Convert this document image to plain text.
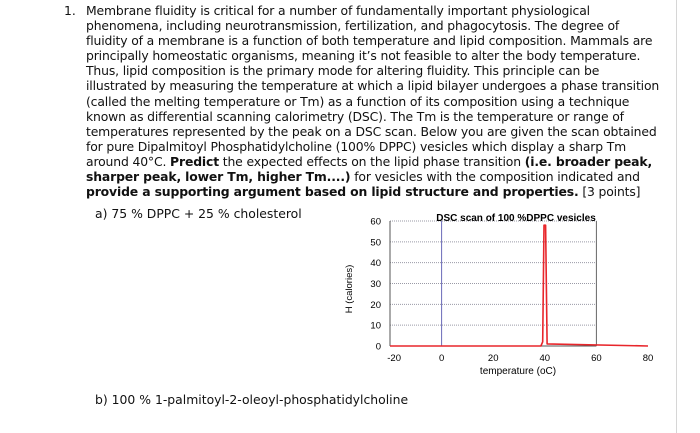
1. Membrane fluidity is critical for a number of fundamentally important physiological
phenomena, including neurotransmission, fertilization, and phagocytosis. The degree of
fluidity of a membrane is a function of both temperature and lipid composition. Mammals are
principally homeostatic organisms, meaning it’s not feasible to alter the body temperature.
Thus, lipid composition is the primary mode for altering fluidity. This principle can be
illustrated by measuring the temperature at which a lipid bilayer undergoes a phase transition
(called the melting temperature or Tm) as a function of its composition using a technique
known as differential scanning calorimetry (DSC). The Tm is the temperature or range of
temperatures represented by the peak on a DSC scan. Below you are given the scan obtained
for pure Dipalmitoyl Phosphatidylcholine (100% DPPC) vesicles which display a sharp Tm
around 40°C. Predict the expected effects on the lipid phase transition (i.e. broader peak,
sharper peak, lower Tm, higher Tm....) for vesicles with the composition indicated and
provide a supporting argument based on lipid structure and properties. [3 points]
a) 75 % DPPC + 25 % cholesterol
b) 100 % 1-palmitoyl-2-oleoyl-phosphatidylcholine
0
10
20
30
40
50
60
-20	0	20	40	60	80
DSC scan of 100 %DPPC vesicles
temperature (oC)
H (calories)
